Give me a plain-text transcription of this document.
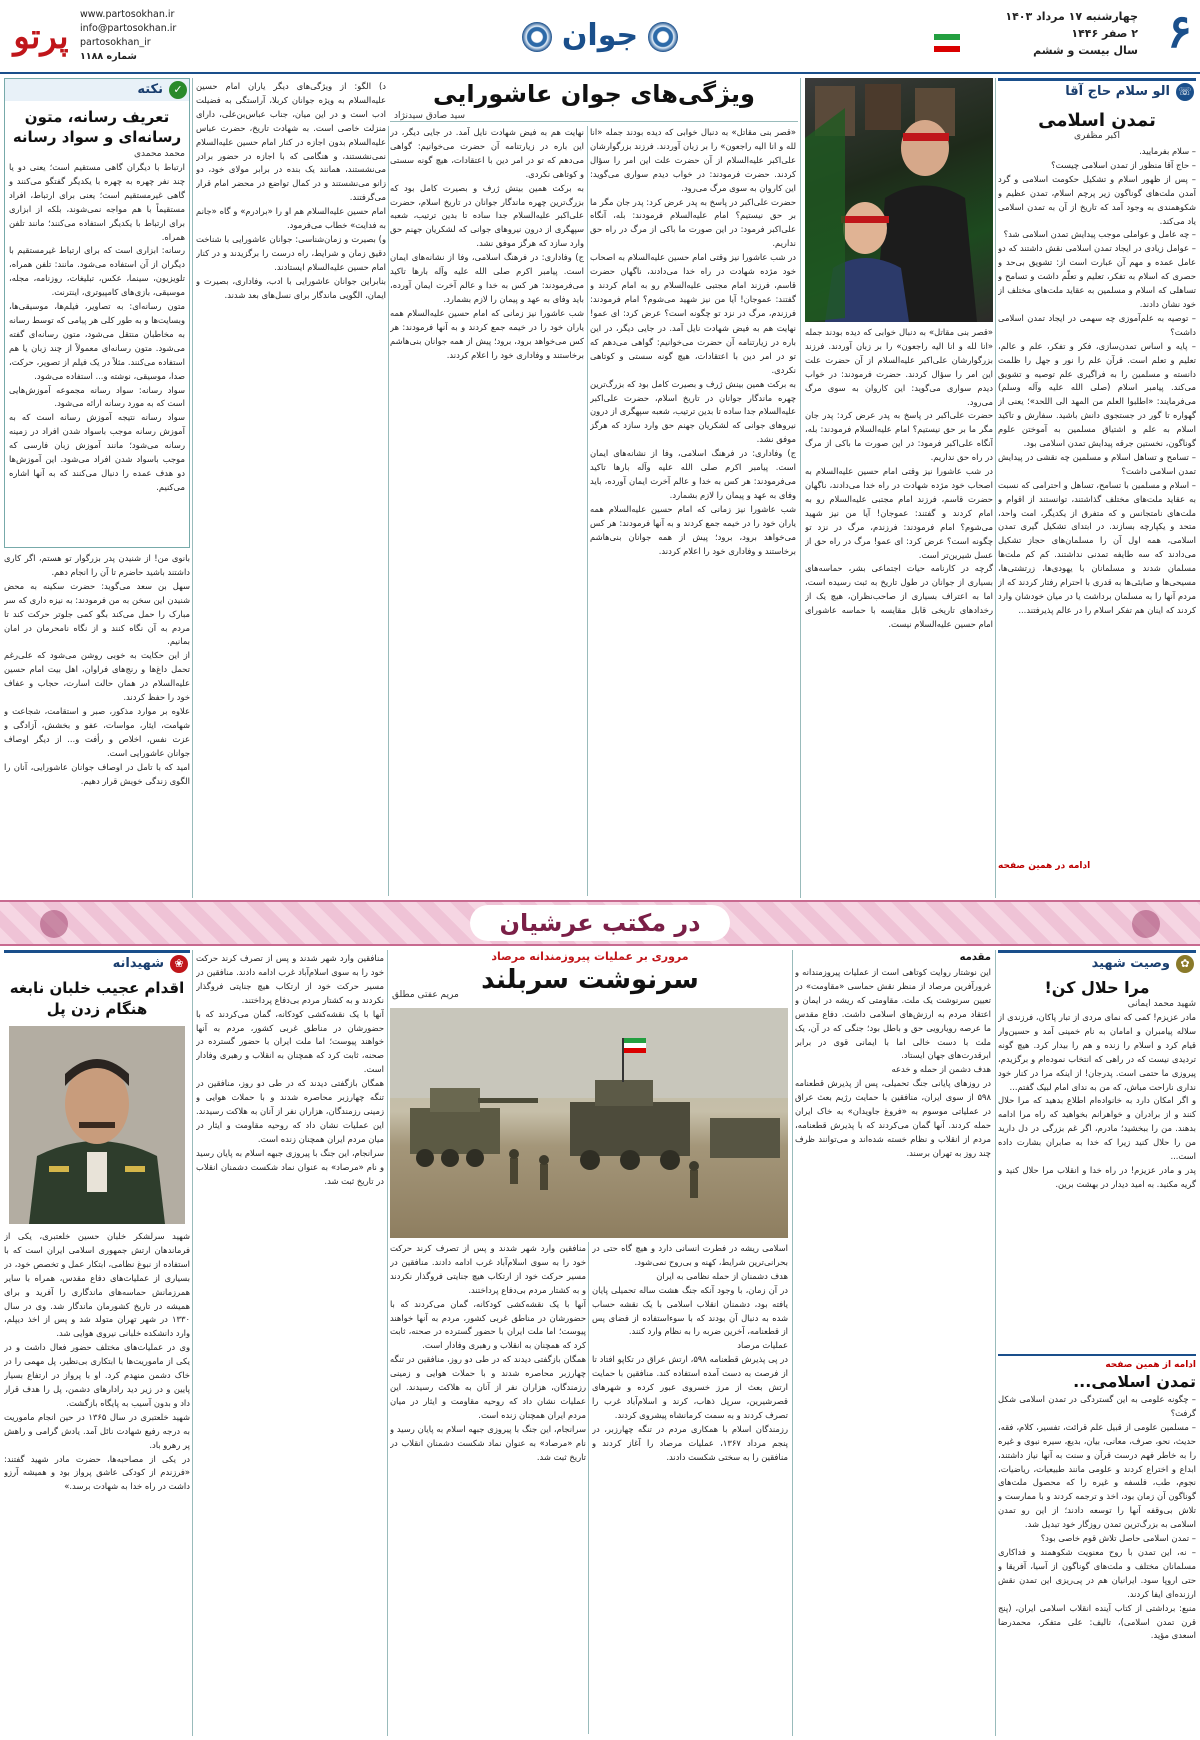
۶
چهارشنبه ۱۷ مرداد ۱۴۰۳
۲ صفر ۱۴۴۶
سال بیست و ششم
جوان
www.partosokhan.ir
info@partosokhan.ir
partosokhan_ir
شماره ۱۱۸۸
پرتو
الو سلام حاج آقا ☏
تمدن اسلامی
اکبر مظفری
– سلام بفرمایید.
– حاج آقا منظور از تمدن اسلامی چیست؟
– پس از ظهور اسلام و تشکیل حکومت اسلامی و گرد آمدن ملت‌های گوناگون زیر پرچم اسلام، تمدن عظیم و شکوهمندی به وجود آمد که تاریخ از آن به تمدن اسلامی یاد می‌کند.
– چه عامل و عواملی موجب پیدایش تمدن اسلامی شد؟
– عوامل زیادی در ایجاد تمدن اسلامی نقش داشتند که دو عامل عمده و مهم آن عبارت است از: تشویق بی‌حد و حصری که اسلام به تفکر، تعلیم و تعلّم داشت و تسامح و تساهلی که اسلام و مسلمین به عقاید ملت‌های مختلف از خود نشان دادند.
– توصیه به علم‌آموزی چه سهمی در ایجاد تمدن اسلامی داشت؟
– پایه و اساس تمدن‌سازی، فکر و تفکر، علم و عالم، تعلیم و تعلم است. قرآن علم را نور و جهل را ظلمت دانسته و مسلمین را به فراگیری علم توصیه و تشویق می‌کند. پیامبر اسلام (صلی الله علیه وآله وسلم) می‌فرمایند: «اطلبوا العلم من المهد الی اللحد»؛ یعنی از گهواره تا گور در جستجوی دانش باشید. سفارش و تاکید اسلام به علم و اشتیاق مسلمین به آموختن علوم گوناگون، نخستین جرقه پیدایش تمدن اسلامی بود.
– تسامح و تساهل اسلام و مسلمین چه نقشی در پیدایش تمدن اسلامی داشت؟
– اسلام و مسلمین با تسامح، تساهل و احترامی که نسبت به عقاید ملت‌های مختلف گذاشتند، توانستند از اقوام و ملت‌های نامتجانس و که متفرق از یکدیگر، امت واحد، متحد و یکپارچه بسازند. در ابتدای تشکیل گیری تمدن اسلامی، همه اول آن را مسلمان‌های حجاز تشکیل می‌دادند که سه طایفه تمدنی نداشتند. کم کم ملت‌ها مسلمان شدند و مسلمانان با یهودی‌ها، زرتشتی‌ها، مسیحی‌ها و صابئی‌ها به قدری با احترام رفتار کردند که از مردم آنها را به مسلمان برداشت یا در میان خودشان وارد کردند که اینان هم تفکر اسلام را در عالم پذیرفتند...
ادامه در همین صفحه
ویژگی‌های جوان عاشورایی
سید صادق سیدنژاد
«قصر بنی مقاتل» به دنبال خوابی که دیده بودند جمله «انا لله و انا الیه راجعون» را بر زبان آوردند. فرزند بزرگوارشان علی‌اکبر علیه‌السلام از آن حضرت علت این امر را سؤال کردند. حضرت فرمودند: در خواب دیدم سواری می‌گوید: این کاروان به سوی مرگ می‌رود.
حضرت علی‌اکبر در پاسخ به پدر عرض کرد: پدر جان مگر ما بر حق نیستیم؟ امام علیه‌السلام فرمودند: بله، آنگاه علی‌اکبر فرمود: در این صورت ما باکی از مرگ در راه حق نداریم.
در شب عاشورا نیز وقتی امام حسین علیه‌السلام به اصحاب خود مژده شهادت در راه خدا می‌دادند، ناگهان حضرت قاسم، فرزند امام مجتبی علیه‌السلام رو به امام کردند و گفتند: عموجان! آیا من نیز شهید می‌شوم؟ امام فرمودند: فرزندم، مرگ در نزد تو چگونه است؟ عرض کرد: ای عمو!

نهایت هم به فیض شهادت نایل آمد. در جایی دیگر، در این باره در زیارتنامه آن حضرت می‌خوانیم: گواهی می‌دهم که تو در امر دین با اعتقادات، هیچ گونه سستی و کوتاهی نکردی.
به برکت همین بینش ژرف و بصیرت کامل بود که بزرگ‌ترین چهره ماندگار جوانان در تاریخ اسلام، حضرت علی‌اکبر علیه‌السلام جدا ساده تا بدین ترتیب، شعبه سپهگری از درون نیروهای جوانی که لشکریان جهنم حق وارد سازد که هرگز موفق نشد.
ج) وفاداری: در فرهنگ اسلامی، وفا از نشانه‌های ایمان است. پیامبر اکرم صلی الله علیه وآله بارها تاکید می‌فرمودند: هر کس به خدا و عالم آخرت ایمان آورده، باید وفای به عهد و پیمان را لازم بشمارد.
شب عاشورا نیز زمانی که امام حسین علیه‌السلام همه یاران خود را در خیمه جمع کردند و به آنها فرمودند: هر کس می‌خواهد برود، برود؛ پیش از همه جوانان بنی‌هاشم برخاستند و وفاداری خود را اعلام کردند.
«قصر بنی مقاتل» به دنبال خوابی که دیده بودند جمله «انا لله و انا الیه راجعون» را بر زبان آوردند. فرزند بزرگوارشان علی‌اکبر علیه‌السلام از آن حضرت علت این امر را سؤال کردند. حضرت فرمودند: در خواب دیدم سواری می‌گوید: این کاروان به سوی مرگ می‌رود.
حضرت علی‌اکبر در پاسخ به پدر عرض کرد: پدر جان مگر ما بر حق نیستیم؟ امام علیه‌السلام فرمودند: بله، آنگاه علی‌اکبر فرمود: در این صورت ما باکی از مرگ در راه حق نداریم.
در شب عاشورا نیز وقتی امام حسین علیه‌السلام به اصحاب خود مژده شهادت در راه خدا می‌دادند، ناگهان حضرت قاسم، فرزند امام مجتبی علیه‌السلام رو به امام کردند و گفتند: عموجان! آیا من نیز شهید می‌شوم؟ امام فرمودند: فرزندم، مرگ در نزد تو چگونه است؟ عرض کرد: ای عمو! مرگ در راه حق از عسل شیرین‌تر است.
گرچه در کارنامه حیات اجتماعی بشر، حماسه‌های بسیاری از جوانان در طول تاریخ به ثبت رسیده است، اما به اعتراف بسیاری از صاحب‌نظران، هیچ یک از رخدادهای تاریخی قابل مقایسه با حماسه عاشورای امام حسین علیه‌السلام نیست.
نهایت هم به فیض شهادت نایل آمد. در جایی دیگر، در این باره در زیارتنامه آن حضرت می‌خوانیم: گواهی می‌دهم که تو در امر دین با اعتقادات، هیچ گونه سستی و کوتاهی نکردی.
به برکت همین بینش ژرف و بصیرت کامل بود که بزرگ‌ترین چهره ماندگار جوانان در تاریخ اسلام، حضرت علی‌اکبر علیه‌السلام جدا ساده تا بدین ترتیب، شعبه سپهگری از درون نیروهای جوانی که لشکریان جهنم حق وارد سازد که هرگز موفق نشد.
ج) وفاداری: در فرهنگ اسلامی، وفا از نشانه‌های ایمان است. پیامبر اکرم صلی الله علیه وآله بارها تاکید می‌فرمودند: هر کس به خدا و عالم آخرت ایمان آورده، باید وفای به عهد و پیمان را لازم بشمارد.
شب عاشورا نیز زمانی که امام حسین علیه‌السلام همه یاران خود را در خیمه جمع کردند و به آنها فرمودند: هر کس می‌خواهد برود، برود؛ پیش از همه جوانان بنی‌هاشم برخاستند و وفاداری خود را اعلام کردند.
د) الگو: از ویژگی‌های دیگر یاران امام حسین علیه‌السلام به ویژه جوانان کربلا، آراستگی به فضیلت ادب است و در این میان، جناب عباس‌بن‌علی، دارای منزلت خاصی است. به شهادت تاریخ، حضرت عباس علیه‌السلام بدون اجازه در کنار امام حسین علیه‌السلام نمی‌نشستند، و هنگامی که با اجازه در حضور برادر می‌نشستند، همانند یک بنده در برابر مولای خود، دو زانو می‌نشستند و در کمال تواضع در محضر امام قرار می‌گرفتند.
امام حسین علیه‌السلام هم او را «برادرم» و گاه «جانم به فدایت» خطاب می‌فرمود.
و) بصیرت و زمان‌شناسی: جوانان عاشورایی با شناخت دقیق زمان و شرایط، راه درست را برگزیدند و در کنار امام حسین علیه‌السلام ایستادند.
بنابراین جوانان عاشورایی با ادب، وفاداری، بصیرت و ایمان، الگویی ماندگار برای نسل‌های بعد شدند.
نکته ✓
تعریف رسانه، متون رسانه‌ای و سواد رسانه
محمد محمدی
ارتباط با دیگران گاهی مستقیم است؛ یعنی دو یا چند نفر چهره به چهره با یکدیگر گفتگو می‌کنند و گاهی غیرمستقیم است؛ یعنی برای ارتباط، افراد مستقیماً با هم مواجه نمی‌شوند، بلکه از ابزاری برای ارتباط با یکدیگر استفاده می‌کنند؛ مانند تلفن همراه.
رسانه: ابزاری است که برای ارتباط غیرمستقیم با دیگران از آن استفاده می‌شود. مانند: تلفن همراه، تلویزیون، سینما، عکس، تبلیغات، روزنامه، مجله، موسیقی، بازی‌های کامپیوتری، اینترنت.
متون رسانه‌ای: به تصاویر، فیلم‌ها، موسیقی‌ها، وبسایت‌ها و به طور کلی هر پیامی که توسط رسانه به مخاطبان منتقل می‌شود، متون رسانه‌ای گفته می‌شود. متون رسانه‌ای معمولاً از چند زبان یا هم استفاده می‌کنند. مثلاً در یک فیلم از تصویر، حرکت، صدا، موسیقی، نوشته و... استفاده می‌شود.
سواد رسانه: سواد رسانه مجموعه آموزش‌هایی است که به مورد رسانه ارائه می‌شود.
سواد رسانه نتیجه آموزش رسانه است که به آموزش رسانه موجب باسواد شدن افراد در زمینه رسانه می‌شود؛ مانند آموزش زبان فارسی که موجب باسواد شدن افراد می‌شود. این آموزش‌ها دو هدف عمده را دنبال می‌کنند که به آنها اشاره می‌کنیم.
بانوی من! از شنیدن پدر بزرگوار تو هستم، اگر کاری داشتند باشید حاضرم تا آن را انجام دهم.
سهل بن سعد می‌گوید: حضرت سکینه به محض شنیدن این سخن به من فرمودند: به نیزه داری که سر مبارک را حمل می‌کند بگو کمی جلوتر حرکت کند تا مردم به آن نگاه کنند و از نگاه نامحرمان در امان بمانیم.
از این حکایت به خوبی روشن می‌شود که علی‌رغم تحمل داغ‌ها و رنج‌های فراوان، اهل بیت امام حسین علیه‌السلام در همان حالت اسارت، حجاب و عفاف خود را حفظ کردند.
علاوه بر موارد مذکور، صبر و استقامت، شجاعت و شهامت، ایثار، مواسات، عفو و بخشش، آزادگی و عزت نفس، اخلاص و رأفت و... از دیگر اوصاف جوانان عاشورایی است.
امید که با تامل در اوصاف جوانان عاشورایی، آنان را الگوی زندگی خویش قرار دهیم.
در مکتب عرشیان
وصیت شهید ✿
مرا حلال کن!
شهید محمد ایمانی
مادر عزیزم! کمی که نمای مردی از تبار پاکان، فرزندی از سلاله پیامبران و امامان به نام خمینی آمد و حسین‌وار قیام کرد و اسلام را زنده و هم را بیدار کرد. هیچ گونه تردیدی نیست که در راهی که انتخاب نموده‌ام و برگزیدم، پیروزی ما حتمی است. پدرجان! از اینکه مرا در کنار خود نداری ناراحت مباش، که من به ندای امام لبیک گفتم...
و اگر امکان دارد به خانواده‌ام اطلاع بدهید که مرا حلال کنند و از برادران و خواهرانم بخواهید که راه مرا ادامه بدهند. من را ببخشید؛ مادرم، اگر غم بزرگی در دل دارید من را حلال کنید زیرا که خدا به صابران بشارت داده است...
پدر و مادر عزیزم! در راه خدا و انقلاب مرا حلال کنید و گریه مکنید. به امید دیدار در بهشت برین.
ادامه از همین صفحه
تمدن اسلامی...
– چگونه علومی به این گستردگی در تمدن اسلامی شکل گرفت؟
– مسلمین علومی از قبیل علم قرائت، تفسیر، کلام، فقه، حدیث، نحو، صرف، معانی، بیان، بدیع، سیره نبوی و غیره را به خاطر فهم درست قرآن و سنت به آنها نیاز داشتند، ابداع و اختراع کردند و علومی مانند طبیعیات، ریاضیات، نجوم، طب، فلسفه و غیره را که محصول ملت‌های گوناگون آن زمان بود، اخذ و ترجمه کردند و با ممارست و تلاش بی‌وقفه آنها را توسعه دادند؛ از این رو تمدن اسلامی به بزرگ‌ترین تمدن روزگار خود تبدیل شد.
– تمدن اسلامی حاصل تلاش قوم خاصی بود؟
– نه، این تمدن با روح معنویت شکوهمند و فداکاری مسلمانان مختلف و ملت‌های گوناگون از آسیا، آفریقا و حتی اروپا سود. ایرانیان هم در پی‌ریزی این تمدن نقش ارزنده‌ای ایفا کردند.
منبع: برداشتی از کتاب آینده انقلاب اسلامی ایران، (پنج قرن تمدن اسلامی)، تالیف: علی متفکر، محمدرضا اسعدی مؤید.
مروری بر عملیات پیروزمندانه مرصاد
سرنوشت سربلند
مریم عفتی مطلق
مقدمه
این نوشتار روایت کوتاهی است از عملیات پیروزمندانه و غرورآفرین مرصاد از منظر نقش حماسی «مقاومت» در تعیین سرنوشت یک ملت. مقاومتی که ریشه در ایمان و اعتقاد مردم به ارزش‌های اسلامی داشت. دفاع مقدس ما عرصه رویارویی حق و باطل بود؛ جنگی که در آن، یک ملت با دست خالی اما با ایمانی قوی در برابر ابرقدرت‌های جهان ایستاد.
هدف دشمن از حمله و خدعه
در روزهای پایانی جنگ تحمیلی، پس از پذیرش قطعنامه ۵۹۸ از سوی ایران، منافقین با حمایت رژیم بعث عراق در عملیاتی موسوم به «فروغ جاویدان» به خاک ایران حمله کردند. آنها گمان می‌کردند که با پذیرش قطعنامه، مردم از انقلاب و نظام خسته شده‌اند و می‌توانند ظرف چند روز به تهران برسند.
اسلامی ریشه در فطرت انسانی دارد و هیچ گاه حتی در بحرانی‌ترین شرایط، کهنه و بی‌روح نمی‌شود.
هدف دشمنان از حمله نظامی به ایران
در آن زمان، با وجود آنکه جنگ هشت ساله تحمیلی پایان یافته بود، دشمنان انقلاب اسلامی با یک نقشه حساب شده به دنبال آن بودند که با سوءاستفاده از فضای پس از قطعنامه، آخرین ضربه را به نظام وارد کنند.
عملیات مرصاد
در پی پذیرش قطعنامه ۵۹۸، ارتش عراق در تکاپو افتاد تا از فرصت به دست آمده استفاده کند. منافقین با حمایت ارتش بعث از مرز خسروی عبور کرده و شهرهای قصرشیرین، سرپل ذهاب، کرند و اسلام‌آباد غرب را تصرف کردند و به سمت کرمانشاه پیشروی کردند.
رزمندگان اسلام با همکاری مردم در تنگه چهارزبر، در پنجم مرداد ۱۳۶۷، عملیات مرصاد را آغاز کردند و منافقین را به سختی شکست دادند.
منافقین وارد شهر شدند و پس از تصرف کرند حرکت خود را به سوی اسلام‌آباد غرب ادامه دادند. منافقین در مسیر حرکت خود از ارتکاب هیچ جنایتی فروگذار نکردند و به کشتار مردم بی‌دفاع پرداختند.
آنها با یک نقشه‌کشی کودکانه، گمان می‌کردند که با حضورشان در مناطق غربی کشور، مردم به آنها خواهند پیوست؛ اما ملت ایران با حضور گسترده در صحنه، ثابت کرد که همچنان به انقلاب و رهبری وفادار است.
همگان بازگفتی دیدند که در طی دو روز، منافقین در تنگه چهارزبر محاصره شدند و با حملات هوایی و زمینی رزمندگان، هزاران نفر از آنان به هلاکت رسیدند. این عملیات نشان داد که روحیه مقاومت و ایثار در میان مردم ایران همچنان زنده است.
سرانجام، این جنگ با پیروزی جبهه اسلام به پایان رسید و نام «مرصاد» به عنوان نماد شکست دشمنان انقلاب در تاریخ ثبت شد.
منافقین وارد شهر شدند و پس از تصرف کرند حرکت خود را به سوی اسلام‌آباد غرب ادامه دادند. منافقین در مسیر حرکت خود از ارتکاب هیچ جنایتی فروگذار نکردند و به کشتار مردم بی‌دفاع پرداختند.
آنها با یک نقشه‌کشی کودکانه، گمان می‌کردند که با حضورشان در مناطق غربی کشور، مردم به آنها خواهند پیوست؛ اما ملت ایران با حضور گسترده در صحنه، ثابت کرد که همچنان به انقلاب و رهبری وفادار است.
همگان بازگفتی دیدند که در طی دو روز، منافقین در تنگه چهارزبر محاصره شدند و با حملات هوایی و زمینی رزمندگان، هزاران نفر از آنان به هلاکت رسیدند. این عملیات نشان داد که روحیه مقاومت و ایثار در میان مردم ایران همچنان زنده است.
سرانجام، این جنگ با پیروزی جبهه اسلام به پایان رسید و نام «مرصاد» به عنوان نماد شکست دشمنان انقلاب در تاریخ ثبت شد.
شهیدانه ❀
اقدام عجیب خلبان نابغه هنگام زدن پل
شهید سرلشکر خلبان حسین خلعتبری، یکی از فرماندهان ارتش جمهوری اسلامی ایران است که با استفاده از نبوغ نظامی، ابتکار عمل و تخصص خود، در بسیاری از عملیات‌های دفاع مقدس، همراه با سایر همرزمانش حماسه‌های ماندگاری را آفرید و برای همیشه در تاریخ کشورمان ماندگار شد. وی در سال ۱۳۳۰ در شهر تهران متولد شد و پس از اخذ دیپلم، وارد دانشکده خلبانی نیروی هوایی شد.
وی در عملیات‌های مختلف حضور فعال داشت و در یکی از ماموریت‌ها با ابتکاری بی‌نظیر، پل مهمی را در خاک دشمن منهدم کرد. او با پرواز در ارتفاع بسیار پایین و در زیر دید رادارهای دشمن، پل را هدف قرار داد و بدون آسیب به پایگاه بازگشت.
شهید خلعتبری در سال ۱۳۶۵ در حین انجام ماموریت به درجه رفیع شهادت نائل آمد. یادش گرامی و راهش پر رهرو باد.
در یکی از مصاحبه‌ها، حضرت مادر شهید گفتند: «فرزندم از کودکی عاشق پرواز بود و همیشه آرزو داشت در راه خدا به شهادت برسد.»
